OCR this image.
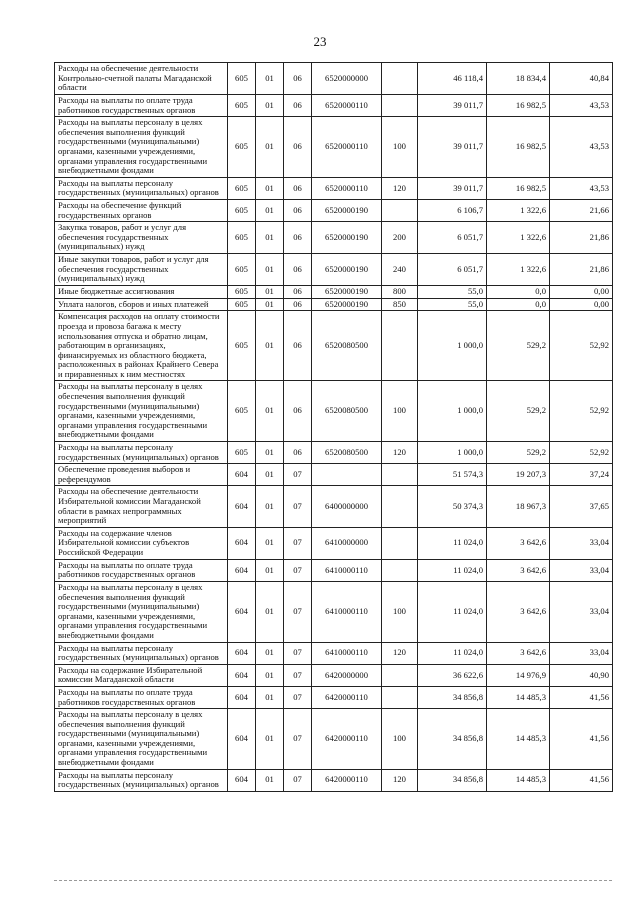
23
Расходы на обеспечение деятельности Контрольно-счетной палаты Магаданской области	605	01	06	6520000000		46 118,4	18 834,4	40,84
Расходы на выплаты по оплате труда работников государственных органов	605	01	06	6520000110		39 011,7	16 982,5	43,53
Расходы на выплаты персоналу в целях обеспечения выполнения функций государственными (муниципальными) органами, казенными учреждениями, органами управления государственными внебюджетными фондами	605	01	06	6520000110	100	39 011,7	16 982,5	43,53
Расходы на выплаты персоналу государственных (муниципальных) органов	605	01	06	6520000110	120	39 011,7	16 982,5	43,53
Расходы на обеспечение функций государственных органов	605	01	06	6520000190		6 106,7	1 322,6	21,66
Закупка товаров, работ и услуг для обеспечения государственных (муниципальных) нужд	605	01	06	6520000190	200	6 051,7	1 322,6	21,86
Иные закупки товаров, работ и услуг для обеспечения государственных (муниципальных) нужд	605	01	06	6520000190	240	6 051,7	1 322,6	21,86
Иные бюджетные ассигнования	605	01	06	6520000190	800	55,0	0,0	0,00
Уплата налогов, сборов и иных платежей	605	01	06	6520000190	850	55,0	0,0	0,00
Компенсация расходов на оплату стоимости проезда и провоза багажа к месту использования отпуска и обратно лицам, работающим в организациях, финансируемых из областного бюджета, расположенных в районах Крайнего Севера и приравненных к ним местностях	605	01	06	6520080500		1 000,0	529,2	52,92
Расходы на выплаты персоналу в целях обеспечения выполнения функций государственными (муниципальными) органами, казенными учреждениями, органами управления государственными внебюджетными фондами	605	01	06	6520080500	100	1 000,0	529,2	52,92
Расходы на выплаты персоналу государственных (муниципальных) органов	605	01	06	6520080500	120	1 000,0	529,2	52,92
Обеспечение проведения выборов и референдумов	604	01	07			51 574,3	19 207,3	37,24
Расходы на обеспечение деятельности Избирательной комиссии Магаданской области в рамках непрограммных мероприятий	604	01	07	6400000000		50 374,3	18 967,3	37,65
Расходы на содержание членов Избирательной комиссии субъектов Российской Федерации	604	01	07	6410000000		11 024,0	3 642,6	33,04
Расходы на выплаты по оплате труда работников государственных органов	604	01	07	6410000110		11 024,0	3 642,6	33,04
Расходы на выплаты персоналу в целях обеспечения выполнения функций государственными (муниципальными) органами, казенными учреждениями, органами управления государственными внебюджетными фондами	604	01	07	6410000110	100	11 024,0	3 642,6	33,04
Расходы на выплаты персоналу государственных (муниципальных) органов	604	01	07	6410000110	120	11 024,0	3 642,6	33,04
Расходы на содержание Избирательной комиссии Магаданской области	604	01	07	6420000000		36 622,6	14 976,9	40,90
Расходы на выплаты по оплате труда работников государственных органов	604	01	07	6420000110		34 856,8	14 485,3	41,56
Расходы на выплаты персоналу в целях обеспечения выполнения функций государственными (муниципальными) органами, казенными учреждениями, органами управления государственными внебюджетными фондами	604	01	07	6420000110	100	34 856,8	14 485,3	41,56
Расходы на выплаты персоналу государственных (муниципальных) органов	604	01	07	6420000110	120	34 856,8	14 485,3	41,56
